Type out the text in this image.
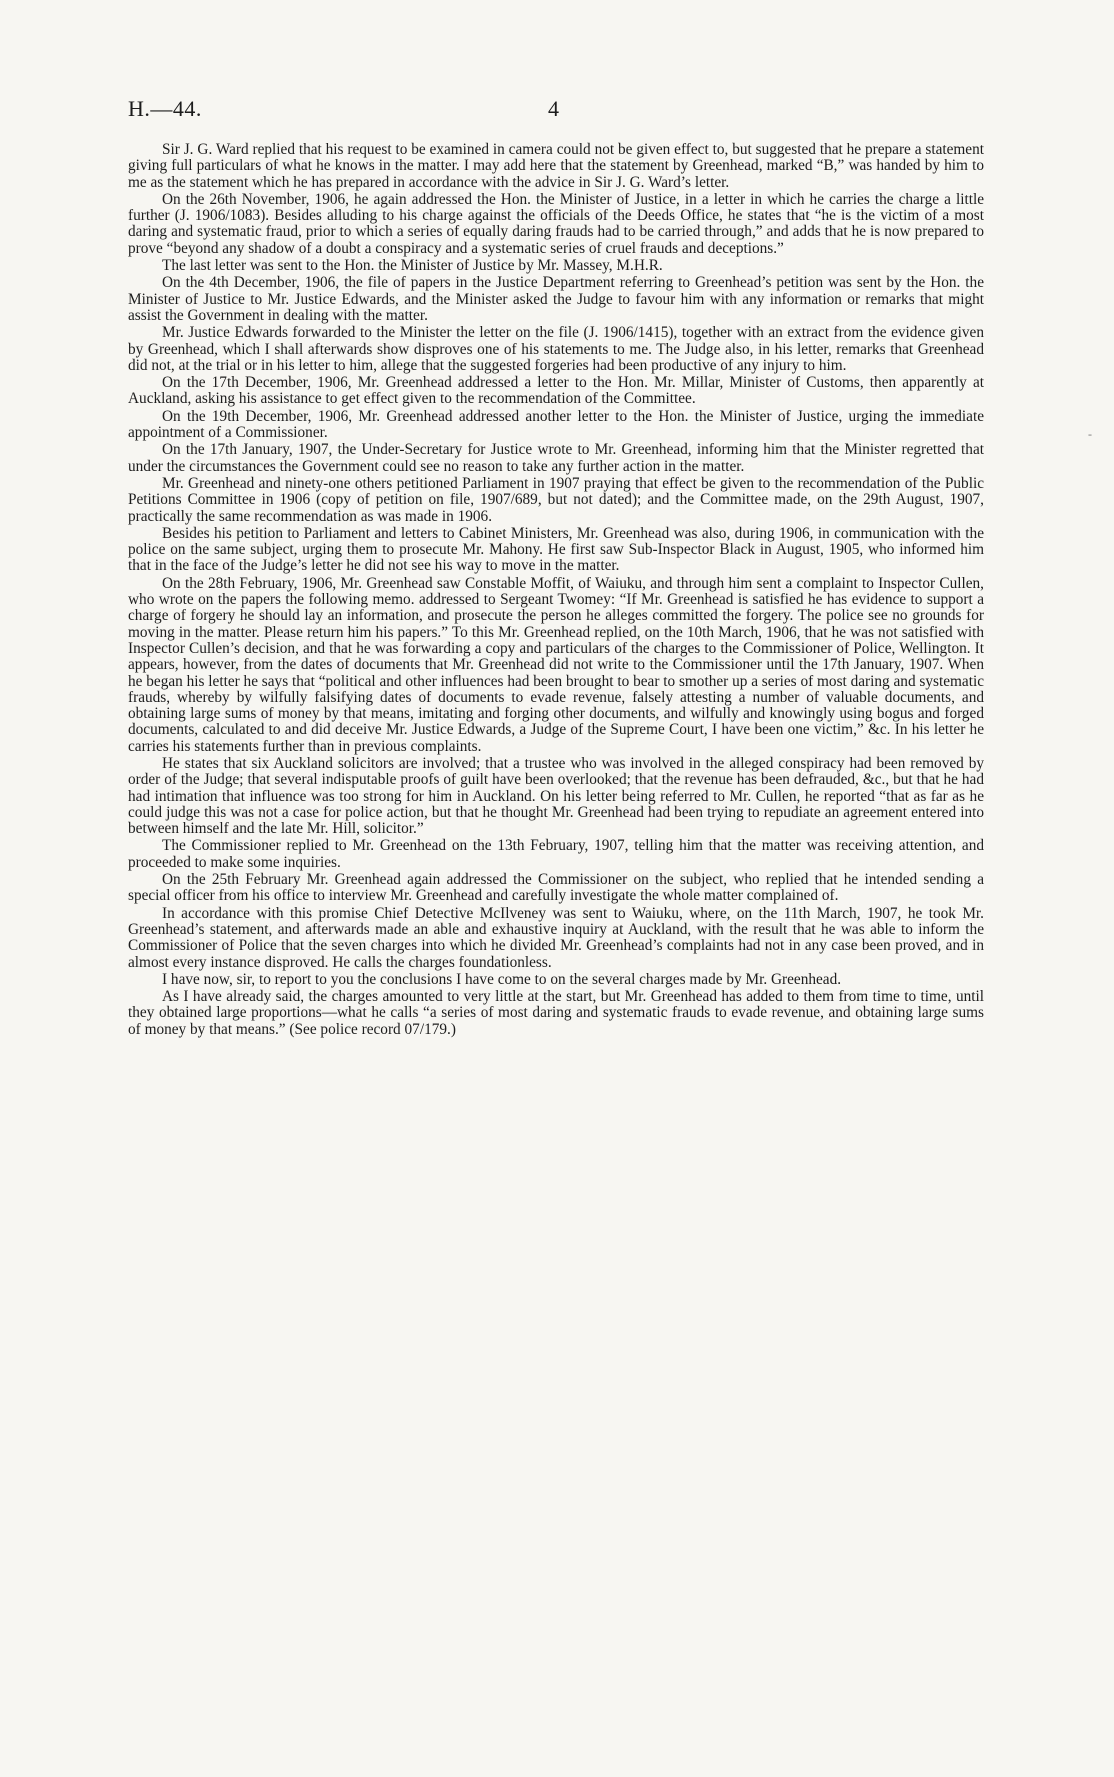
H.—44.	4
-

Sir J. G. Ward replied that his request to be examined in camera could not be given effect to, but suggested that he prepare a statement giving full particulars of what he knows in the matter. I may add here that the statement by Greenhead, marked “B,” was handed by him to me as the statement which he has prepared in accordance with the advice in Sir J. G. Ward’s letter.

On the 26th November, 1906, he again addressed the Hon. the Minister of Justice, in a letter in which he carries the charge a little further (J. 1906/1083). Besides alluding to his charge against the officials of the Deeds Office, he states that “he is the victim of a most daring and systematic fraud, prior to which a series of equally daring frauds had to be carried through,” and adds that he is now prepared to prove “beyond any shadow of a doubt a conspiracy and a systematic series of cruel frauds and deceptions.”

The last letter was sent to the Hon. the Minister of Justice by Mr. Massey, M.H.R.

On the 4th December, 1906, the file of papers in the Justice Department referring to Greenhead’s petition was sent by the Hon. the Minister of Justice to Mr. Justice Edwards, and the Minister asked the Judge to favour him with any information or remarks that might assist the Government in dealing with the matter.

Mr. Justice Edwards forwarded to the Minister the letter on the file (J. 1906/1415), together with an extract from the evidence given by Greenhead, which I shall afterwards show disproves one of his statements to me. The Judge also, in his letter, remarks that Greenhead did not, at the trial or in his letter to him, allege that the suggested forgeries had been productive of any injury to him.

On the 17th December, 1906, Mr. Greenhead addressed a letter to the Hon. Mr. Millar, Minister of Customs, then apparently at Auckland, asking his assistance to get effect given to the recommendation of the Committee.

On the 19th December, 1906, Mr. Greenhead addressed another letter to the Hon. the Minister of Justice, urging the immediate appointment of a Commissioner.

On the 17th January, 1907, the Under-Secretary for Justice wrote to Mr. Greenhead, informing him that the Minister regretted that under the circumstances the Government could see no reason to take any further action in the matter.

Mr. Greenhead and ninety-one others petitioned Parliament in 1907 praying that effect be given to the recommendation of the Public Petitions Committee in 1906 (copy of petition on file, 1907/689, but not dated); and the Committee made, on the 29th August, 1907, practically the same recommendation as was made in 1906.

Besides his petition to Parliament and letters to Cabinet Ministers, Mr. Greenhead was also, during 1906, in communication with the police on the same subject, urging them to prosecute Mr. Mahony. He first saw Sub-Inspector Black in August, 1905, who informed him that in the face of the Judge’s letter he did not see his way to move in the matter.

On the 28th February, 1906, Mr. Greenhead saw Constable Moffit, of Waiuku, and through him sent a complaint to Inspector Cullen, who wrote on the papers the following memo. addressed to Sergeant Twomey: “If Mr. Greenhead is satisfied he has evidence to support a charge of forgery he should lay an information, and prosecute the person he alleges committed the forgery. The police see no grounds for moving in the matter. Please return him his papers.” To this Mr. Greenhead replied, on the 10th March, 1906, that he was not satisfied with Inspector Cullen’s decision, and that he was forwarding a copy and particulars of the charges to the Commissioner of Police, Wellington. It appears, however, from the dates of documents that Mr. Greenhead did not write to the Commissioner until the 17th January, 1907. When he began his letter he says that “political and other influences had been brought to bear to smother up a series of most daring and systematic frauds, whereby by wilfully falsifying dates of documents to evade revenue, falsely attesting a number of valuable documents, and obtaining large sums of money by that means, imitating and forging other documents, and wilfully and knowingly using bogus and forged documents, calculated to and did deceive Mr. Justice Edwards, a Judge of the Supreme Court, I have been one victim,” &c. In his letter he carries his statements further than in previous complaints.

He states that six Auckland solicitors are involved; that a trustee who was involved in the alleged conspiracy had been removed by order of the Judge; that several indisputable proofs of guilt have been overlooked; that the revenue has been defrauded, &c., but that he had had intimation that influence was too strong for him in Auckland. On his letter being referred to Mr. Cullen, he reported “that as far as he could judge this was not a case for police action, but that he thought Mr. Greenhead had been trying to repudiate an agreement entered into between himself and the late Mr. Hill, solicitor.”

The Commissioner replied to Mr. Greenhead on the 13th February, 1907, telling him that the matter was receiving attention, and proceeded to make some inquiries.

On the 25th February Mr. Greenhead again addressed the Commissioner on the subject, who replied that he intended sending a special officer from his office to interview Mr. Greenhead and carefully investigate the whole matter complained of.

In accordance with this promise Chief Detective McIlveney was sent to Waiuku, where, on the 11th March, 1907, he took Mr. Greenhead’s statement, and afterwards made an able and exhaustive inquiry at Auckland, with the result that he was able to inform the Commissioner of Police that the seven charges into which he divided Mr. Greenhead’s complaints had not in any case been proved, and in almost every instance disproved. He calls the charges foundationless.

I have now, sir, to report to you the conclusions I have come to on the several charges made by Mr. Greenhead.

As I have already said, the charges amounted to very little at the start, but Mr. Greenhead has added to them from time to time, until they obtained large proportions—what he calls “a series of most daring and systematic frauds to evade revenue, and obtaining large sums of money by that means.” (See police record 07/179.)
